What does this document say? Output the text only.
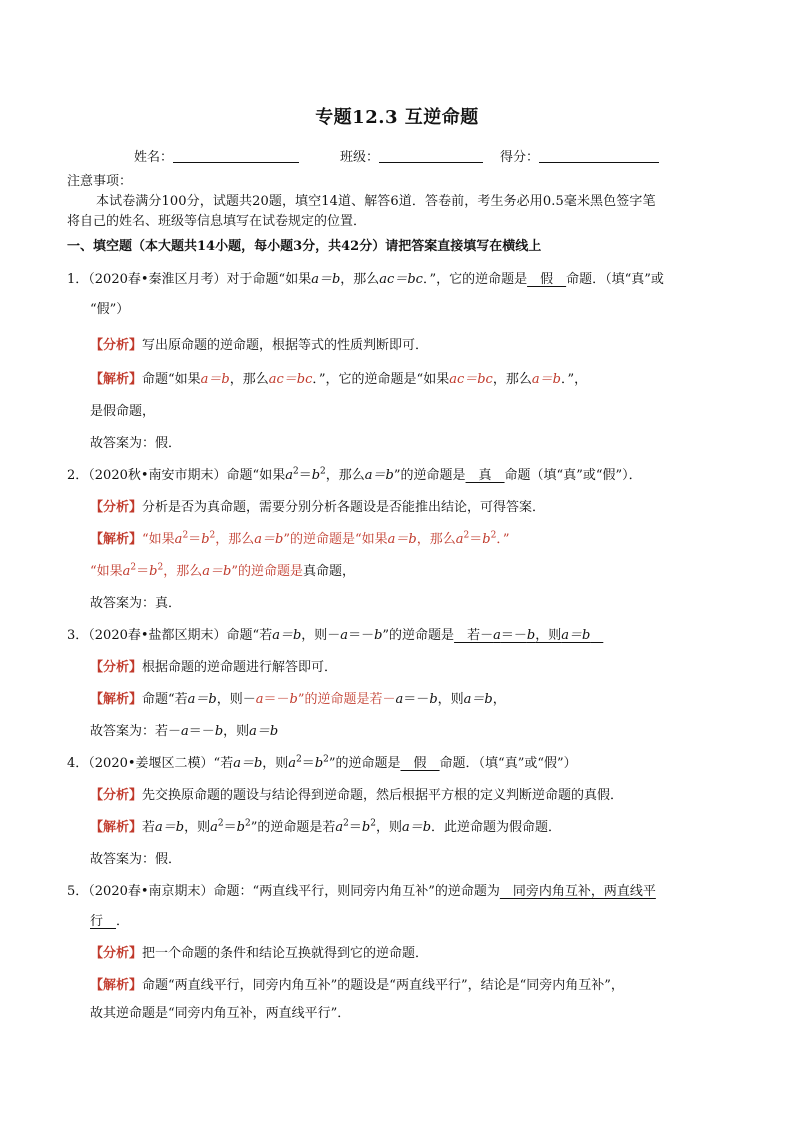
专题12.3 互逆命题
姓名：	班级：	得分：
注意事项：
本试卷满分100分，试题共20题，填空14道、解答6道．答卷前，考生务必用0.5毫米黑色签字笔
将自己的姓名、班级等信息填写在试卷规定的位置．
一、填空题（本大题共14小题，每小题3分，共42分）请把答案直接填写在横线上
1．（2020春•秦淮区月考）对于命题“如果a＝b，那么ac＝bc．”，它的逆命题是　假　命题．（填“真”或
“假”）
【分析】写出原命题的逆命题，根据等式的性质判断即可．
【解析】命题“如果a＝b，那么ac＝bc．”，它的逆命题是“如果ac＝bc，那么a＝b．”，
是假命题，
故答案为：假．
2．（2020秋•南安市期末）命题“如果$a^2=b^2$，那么a＝b”的逆命题是　真　命题（填“真”或“假”）．
【分析】分析是否为真命题，需要分别分析各题设是否能推出结论，可得答案．
【解析】“如果$a^2=b^2$，那么a＝b”的逆命题是“如果a＝b，那么$a^2=b^2$．”
“如果$a^2=b^2$，那么a＝b”的逆命题是真命题，
故答案为：真．
3．（2020春•盐都区期末）命题“若a＝b，则－a＝－b”的逆命题是　若－a＝－b，则a＝b　
【分析】根据命题的逆命题进行解答即可．
【解析】命题“若a＝b，则－a＝－b”的逆命题是若－a＝－b，则a＝b，
故答案为：若－a＝－b，则a＝b
4．（2020•姜堰区二模）“若a＝b，则$a^2=b^2$”的逆命题是　假　命题．（填“真”或“假”）
【分析】先交换原命题的题设与结论得到逆命题，然后根据平方根的定义判断逆命题的真假．
【解析】若a＝b，则$a^2=b^2$”的逆命题是若$a^2=b^2$，则a＝b．此逆命题为假命题．
故答案为：假．
5．（2020春•南京期末）命题：“两直线平行，则同旁内角互补”的逆命题为　同旁内角互补，两直线平
行　．
【分析】把一个命题的条件和结论互换就得到它的逆命题．
【解析】命题“两直线平行，同旁内角互补”的题设是“两直线平行”，结论是“同旁内角互补”，
故其逆命题是“同旁内角互补，两直线平行”．
